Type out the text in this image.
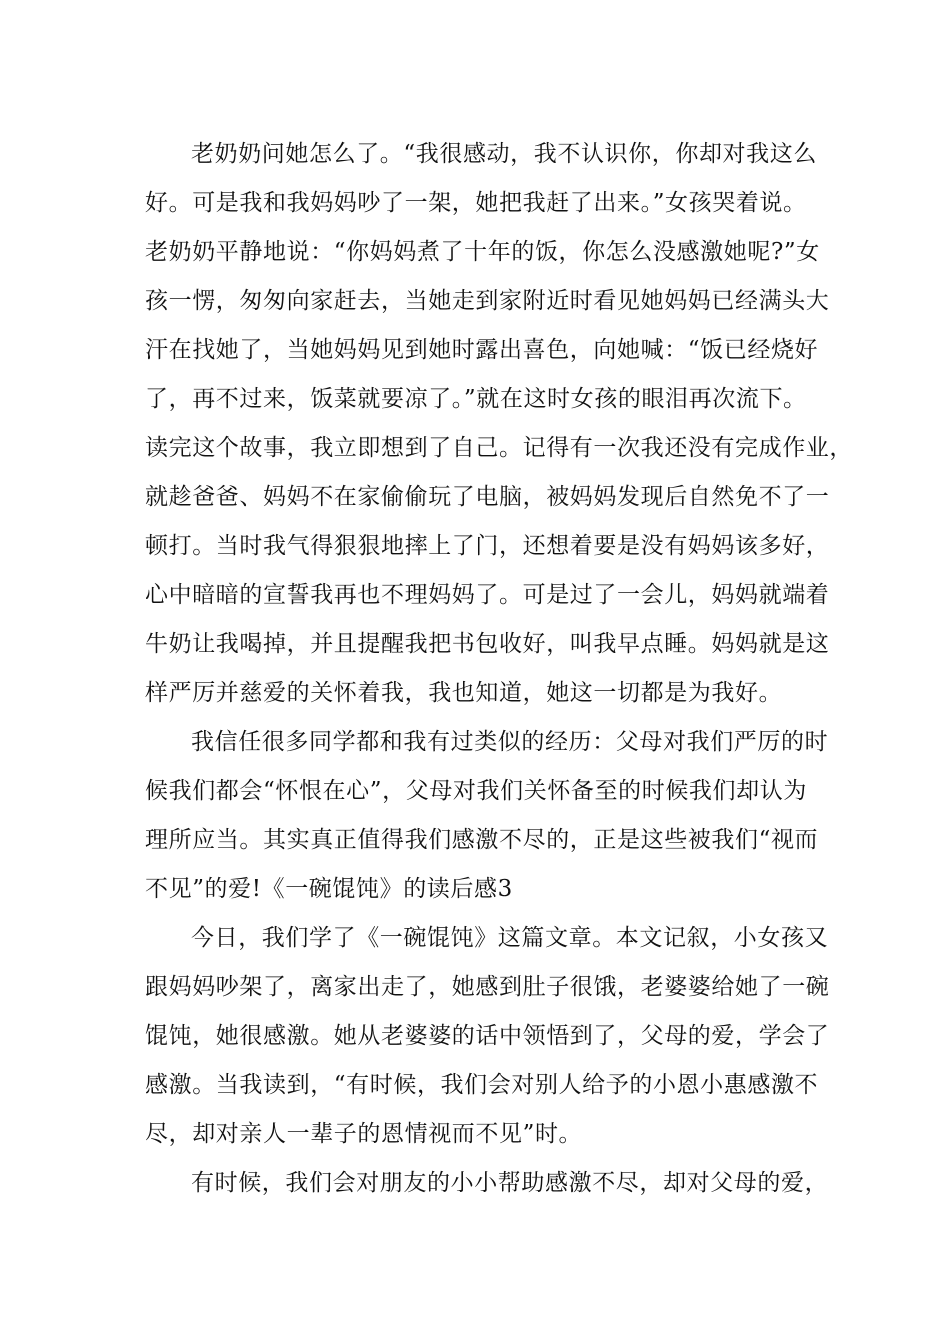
老奶奶问她怎么了。“我很感动，我不认识你，你却对我这么
好。可是我和我妈妈吵了一架，她把我赶了出来。”女孩哭着说。
老奶奶平静地说：“你妈妈煮了十年的饭，你怎么没感激她呢?”女
孩一愣，匆匆向家赶去，当她走到家附近时看见她妈妈已经满头大
汗在找她了，当她妈妈见到她时露出喜色，向她喊：“饭已经烧好
了，再不过来，饭菜就要凉了。”就在这时女孩的眼泪再次流下。
读完这个故事，我立即想到了自己。记得有一次我还没有完成作业，
就趁爸爸、妈妈不在家偷偷玩了电脑，被妈妈发现后自然免不了一
顿打。当时我气得狠狠地摔上了门，还想着要是没有妈妈该多好，
心中暗暗的宣誓我再也不理妈妈了。可是过了一会儿，妈妈就端着
牛奶让我喝掉，并且提醒我把书包收好，叫我早点睡。妈妈就是这
样严厉并慈爱的关怀着我，我也知道，她这一切都是为我好。
我信任很多同学都和我有过类似的经历：父母对我们严厉的时
候我们都会“怀恨在心”，父母对我们关怀备至的时候我们却认为
理所应当。其实真正值得我们感激不尽的，正是这些被我们“视而
不见”的爱!《一碗馄饨》的读后感3
今日，我们学了《一碗馄饨》这篇文章。本文记叙，小女孩又
跟妈妈吵架了，离家出走了，她感到肚子很饿，老婆婆给她了一碗
馄饨，她很感激。她从老婆婆的话中领悟到了，父母的爱，学会了
感激。当我读到，“有时候，我们会对别人给予的小恩小惠感激不
尽，却对亲人一辈子的恩情视而不见”时。
有时候，我们会对朋友的小小帮助感激不尽，却对父母的爱，
